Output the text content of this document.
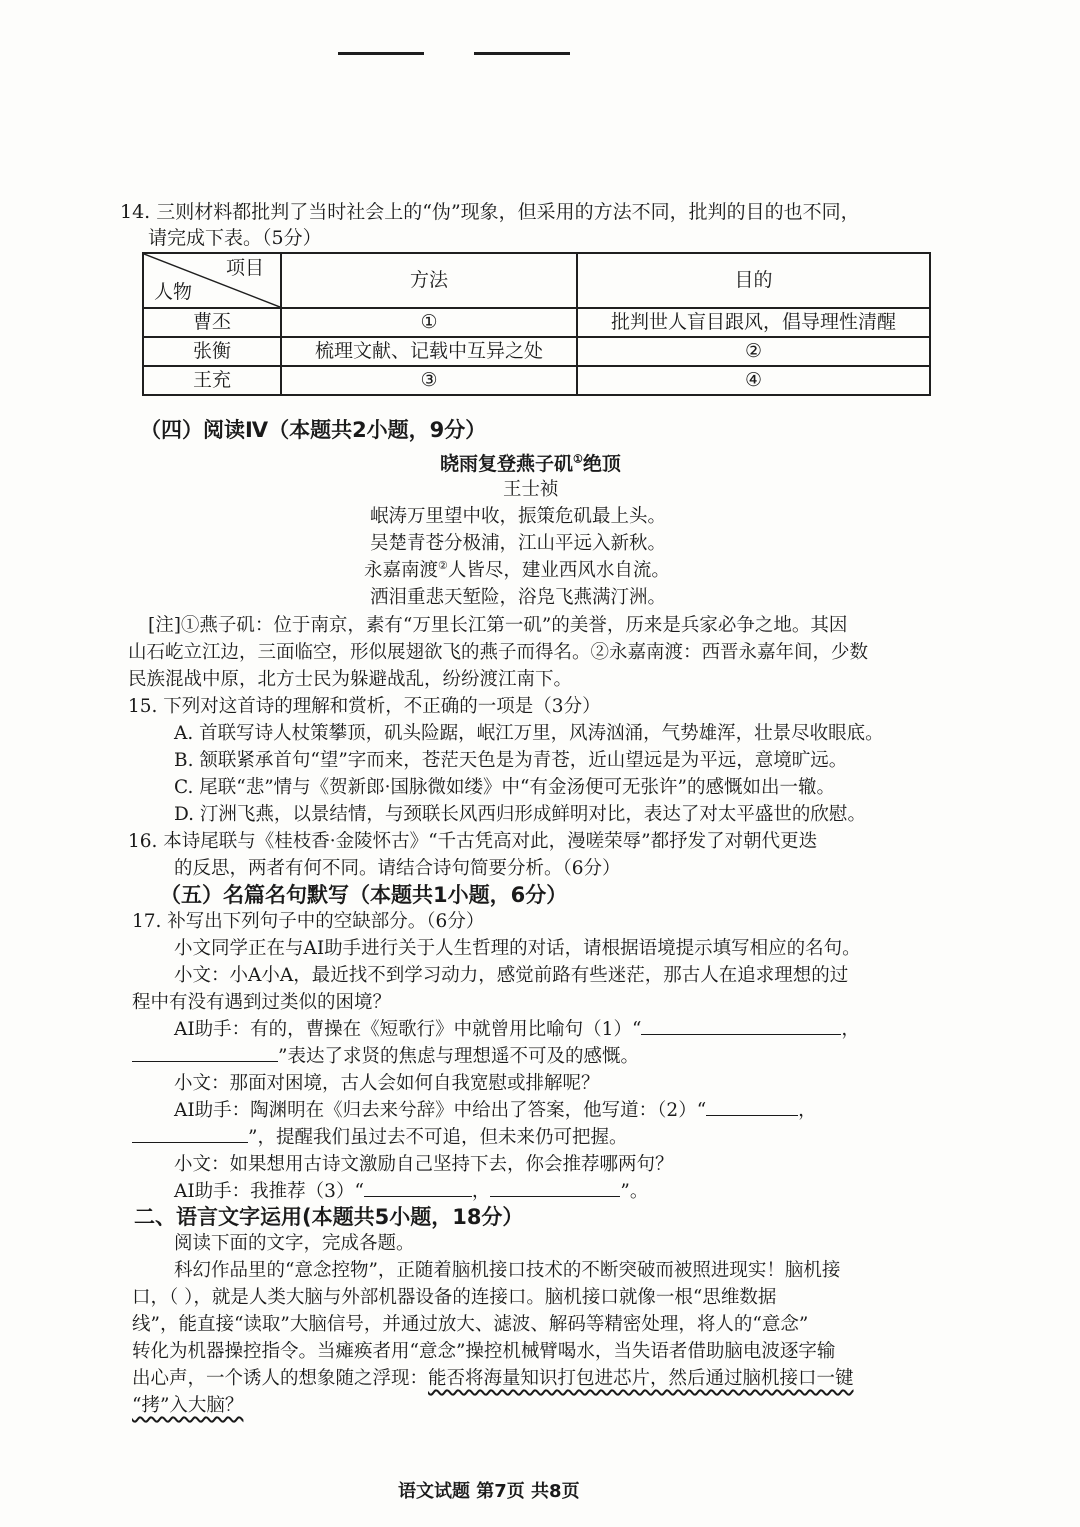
14. 三则材料都批判了当时社会上的“伪”现象，但采用的方法不同，批判的目的也不同，
请完成下表。（5分）
项目
人物	方法	目的
曹丕	①	批判世人盲目跟风，倡导理性清醒
张衡	梳理文献、记载中互异之处	②
王充	③	④
（四）阅读Ⅳ（本题共2小题，9分）
晓雨复登燕子矶①绝顶
王士祯
岷涛万里望中收，振策危矶最上头。
吴楚青苍分极浦，江山平远入新秋。
永嘉南渡②人皆尽，建业西风水自流。
洒泪重悲天堑险，浴凫飞燕满汀洲。
[注]①燕子矶：位于南京，素有“万里长江第一矶”的美誉，历来是兵家必争之地。其因
山石屹立江边，三面临空，形似展翅欲飞的燕子而得名。②永嘉南渡：西晋永嘉年间，少数
民族混战中原，北方士民为躲避战乱，纷纷渡江南下。
15. 下列对这首诗的理解和赏析，不正确的一项是（3分）
A. 首联写诗人杖策攀顶，矶头险踞，岷江万里，风涛汹涌，气势雄浑，壮景尽收眼底。
B. 颔联紧承首句“望”字而来，苍茫天色是为青苍，近山望远是为平远，意境旷远。
C. 尾联“悲”情与《贺新郎·国脉微如缕》中“有金汤便可无张许”的感慨如出一辙。
D. 汀洲飞燕，以景结情，与颈联长风西归形成鲜明对比，表达了对太平盛世的欣慰。
16. 本诗尾联与《桂枝香·金陵怀古》“千古凭高对此，漫嗟荣辱”都抒发了对朝代更迭
的反思，两者有何不同。请结合诗句简要分析。（6分）
（五）名篇名句默写（本题共1小题，6分）
17. 补写出下列句子中的空缺部分。（6分）
小文同学正在与AI助手进行关于人生哲理的对话，请根据语境提示填写相应的名句。
小文：小A小A，最近找不到学习动力，感觉前路有些迷茫，那古人在追求理想的过
程中有没有遇到过类似的困境？
AI助手：有的，曹操在《短歌行》中就曾用比喻句（1）“	，
”表达了求贤的焦虑与理想遥不可及的感慨。
小文：那面对困境，古人会如何自我宽慰或排解呢？
AI助手：陶渊明在《归去来兮辞》中给出了答案，他写道：（2）“	，
”，提醒我们虽过去不可追，但未来仍可把握。
小文：如果想用古诗文激励自己坚持下去，你会推荐哪两句？
AI助手：我推荐（3）“	，	”。
二、语言文字运用(本题共5小题，18分）
阅读下面的文字，完成各题。
科幻作品里的“意念控物”，正随着脑机接口技术的不断突破而被照进现实！脑机接
口，（ ），就是人类大脑与外部机器设备的连接口。脑机接口就像一根“思维数据
线”，能直接“读取”大脑信号，并通过放大、滤波、解码等精密处理，将人的“意念”
转化为机器操控指令。当瘫痪者用“意念”操控机械臂喝水，当失语者借助脑电波逐字输
出心声，一个诱人的想象随之浮现：能否将海量知识打包进芯片，然后通过脑机接口一键
“拷”入大脑？
语文试题 第7页 共8页
